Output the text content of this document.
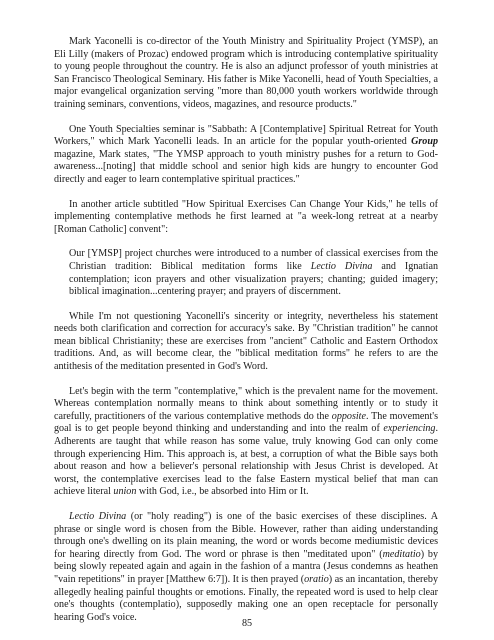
Mark Yaconelli is co-director of the Youth Ministry and Spirituality Project (YMSP), an Eli Lilly (makers of Prozac) endowed program which is introducing contemplative spirituality to young people throughout the country. He is also an adjunct professor of youth ministries at San Francisco Theological Seminary. His father is Mike Yaconelli, head of Youth Specialties, a major evangelical organization serving "more than 80,000 youth workers worldwide through training seminars, conventions, videos, magazines, and resource products."

One Youth Specialties seminar is "Sabbath: A [Contemplative] Spiritual Retreat for Youth Workers," which Mark Yaconelli leads. In an article for the popular youth-oriented Group magazine, Mark states, "The YMSP approach to youth ministry pushes for a return to God-awareness...[noting] that middle school and senior high kids are hungry to encounter God directly and eager to learn contemplative spiritual practices."

In another article subtitled "How Spiritual Exercises Can Change Your Kids," he tells of implementing contemplative methods he first learned at "a week-long retreat at a nearby [Roman Catholic] convent":

Our [YMSP] project churches were introduced to a number of classical exercises from the Christian tradition: Biblical meditation forms like Lectio Divina and Ignatian contemplation; icon prayers and other visualization prayers; chanting; guided imagery; biblical imagination...centering prayer; and prayers of discernment.

While I'm not questioning Yaconelli's sincerity or integrity, nevertheless his statement needs both clarification and correction for accuracy's sake. By "Christian tradition" he cannot mean biblical Christianity; these are exercises from "ancient" Catholic and Eastern Orthodox traditions. And, as will become clear, the "biblical meditation forms" he refers to are the antithesis of the meditation presented in God's Word.

Let's begin with the term "contemplative," which is the prevalent name for the movement. Whereas contemplation normally means to think about something intently or to study it carefully, practitioners of the various contemplative methods do the opposite. The movement's goal is to get people beyond thinking and understanding and into the realm of experiencing. Adherents are taught that while reason has some value, truly knowing God can only come through experiencing Him. This approach is, at best, a corruption of what the Bible says both about reason and how a believer's personal relationship with Jesus Christ is developed. At worst, the contemplative exercises lead to the false Eastern mystical belief that man can achieve literal union with God, i.e., be absorbed into Him or It.

Lectio Divina (or "holy reading") is one of the basic exercises of these disciplines. A phrase or single word is chosen from the Bible. However, rather than aiding understanding through one's dwelling on its plain meaning, the word or words become mediumistic devices for hearing directly from God. The word or phrase is then "meditated upon" (meditatio) by being slowly repeated again and again in the fashion of a mantra (Jesus condemns as heathen "vain repetitions" in prayer [Matthew 6:7]). It is then prayed (oratio) as an incantation, thereby allegedly healing painful thoughts or emotions. Finally, the repeated word is used to help clear one's thoughts (contemplatio), supposedly making one an open receptacle for personally hearing God's voice.

85
